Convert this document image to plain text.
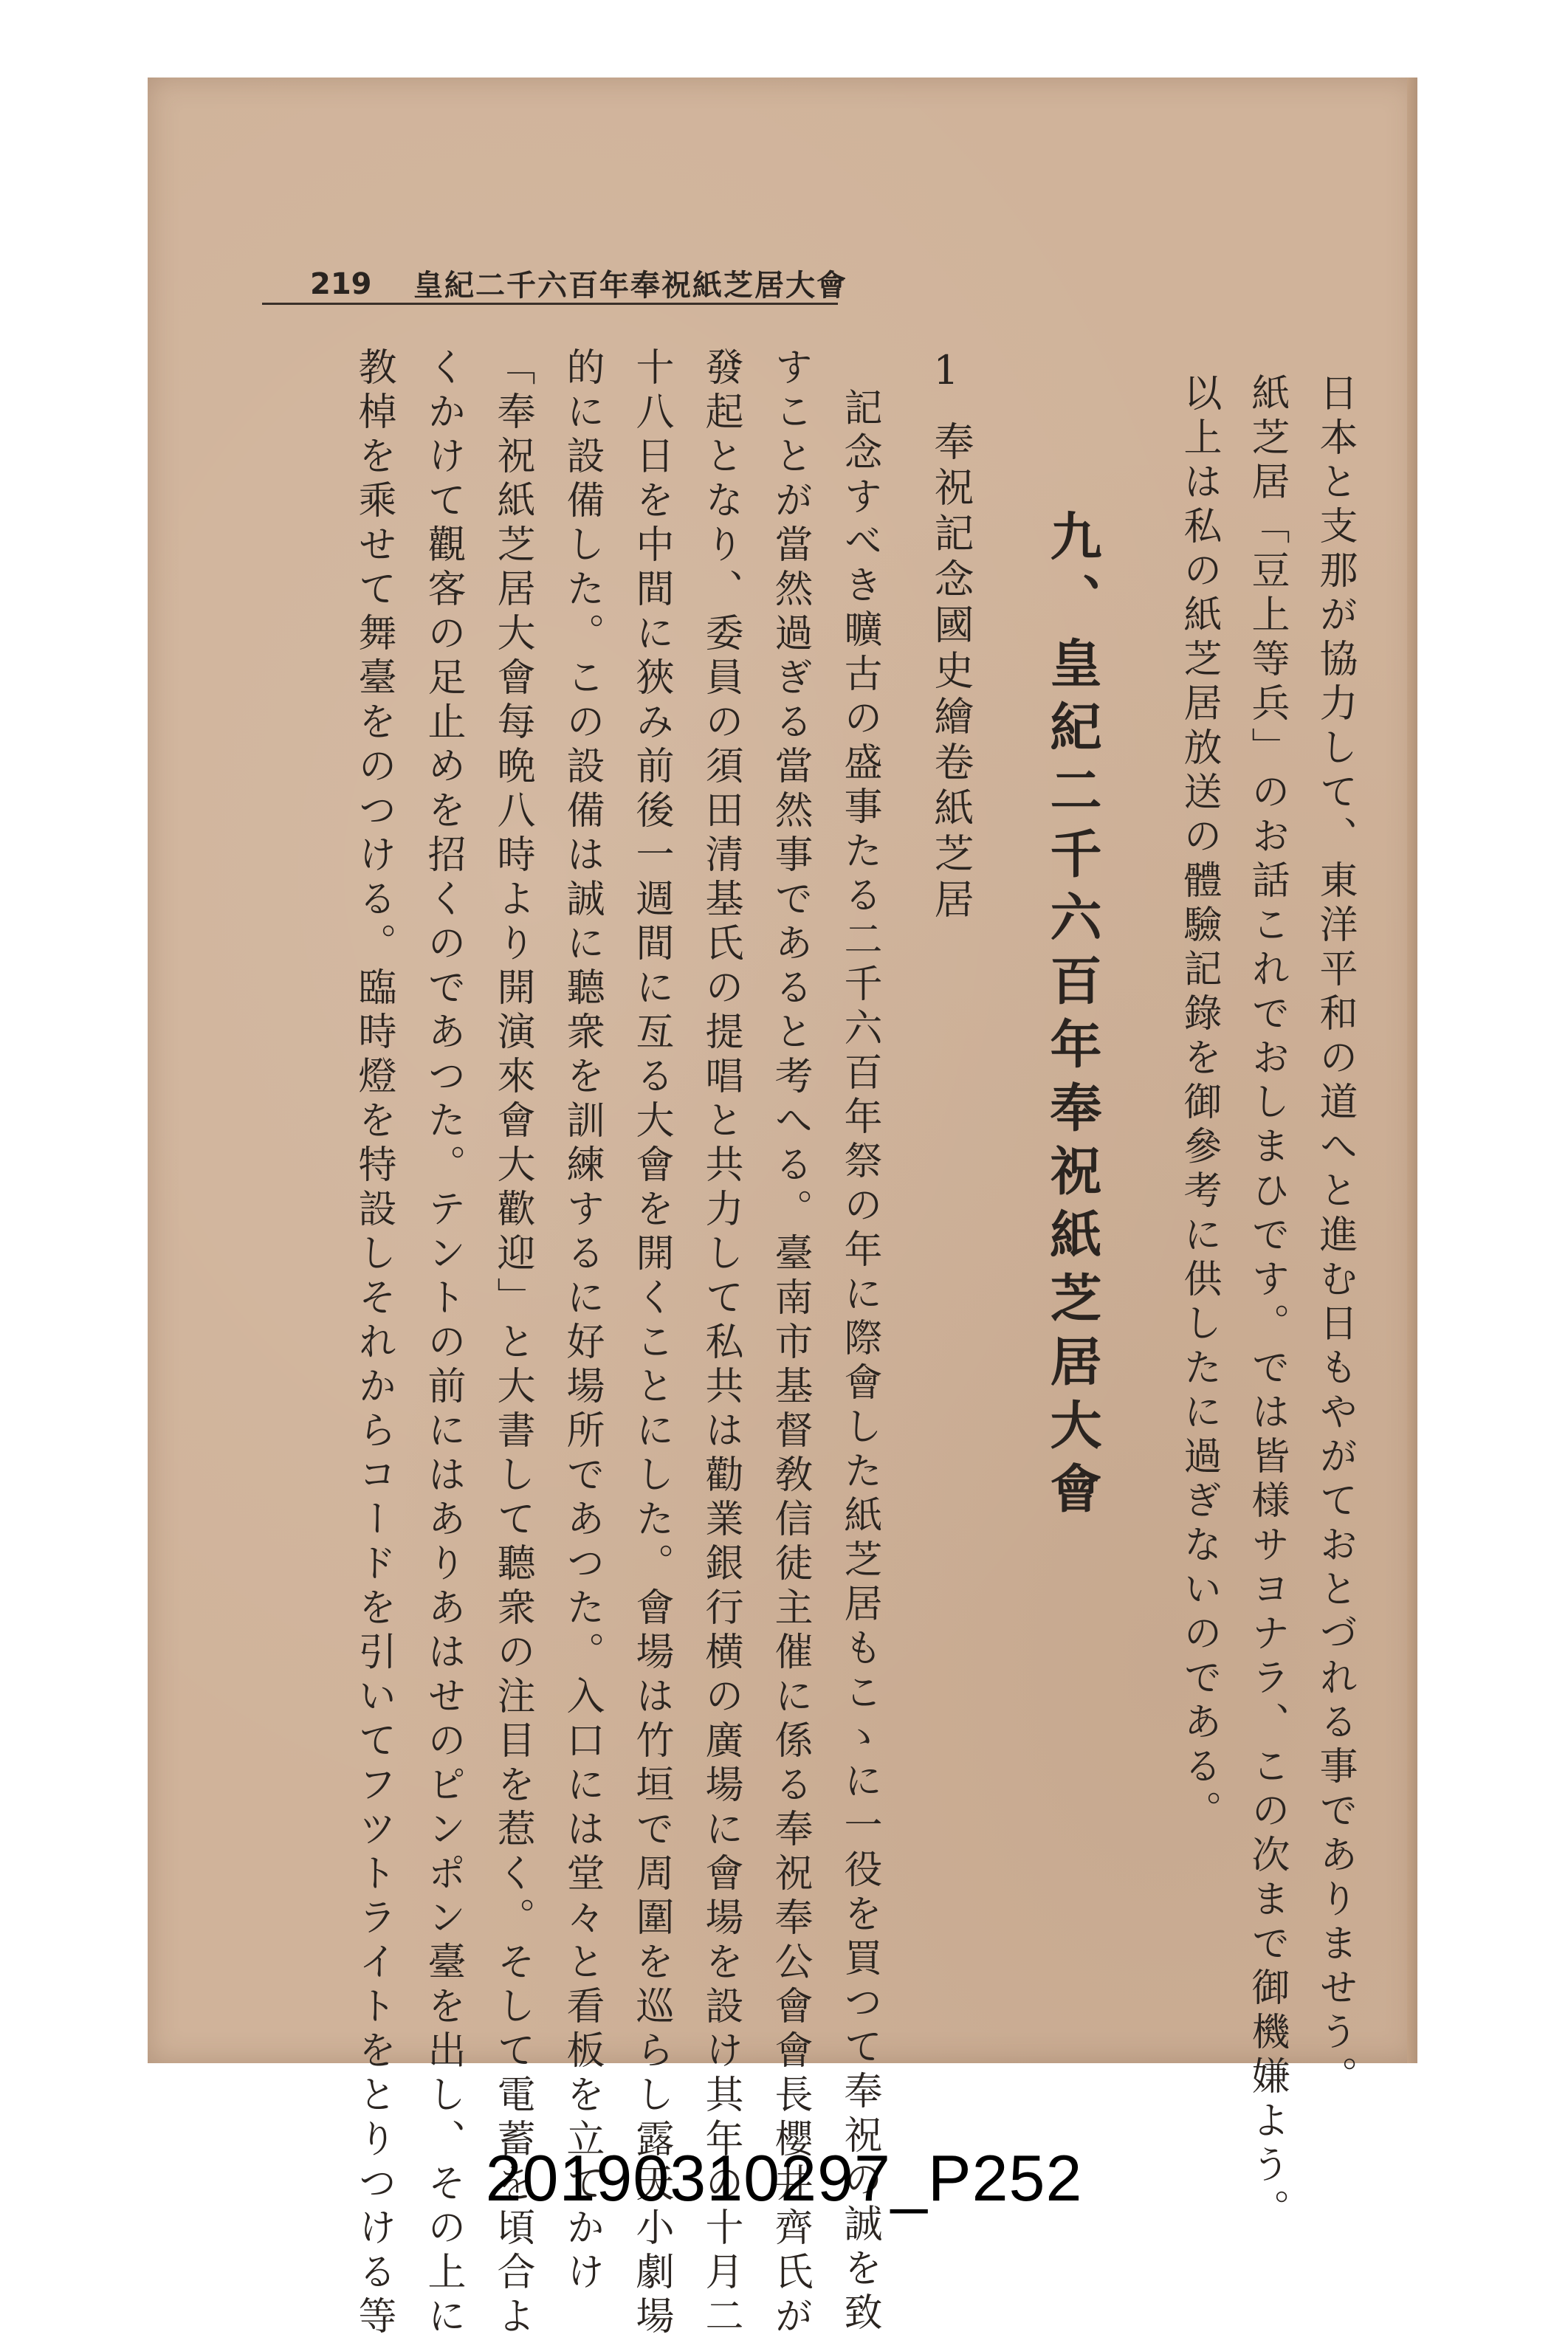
219 皇紀二千六百年奉祝紙芝居大會
日本と支那が協力して、東洋平和の道へと進む日もやがておとづれる事でありませう。
紙芝居「豆上等兵」のお話これでおしまひです。では皆様サヨナラ、この次まで御機嫌よう。
以上は私の紙芝居放送の體驗記錄を御參考に供したに過ぎないのである。
九、皇紀二千六百年奉祝紙芝居大會
1
奉祝記念國史繪卷紙芝居
記念すべき曠古の盛事たる二千六百年祭の年に際會した紙芝居もこゝに一役を買つて奉祝の誠を致
すことが當然過ぎる當然事であると考へる。臺南市基督敎信徒主催に係る奉祝奉公會會長櫻井齊氏が
發起となり、委員の須田清基氏の提唱と共力して私共は勸業銀行横の廣場に會場を設け其年の十月二
十八日を中間に狹み前後一週間に亙る大會を開くことにした。會場は竹垣で周圍を巡らし露天小劇場
的に設備した。この設備は誠に聽衆を訓練するに好場所であつた。入口には堂々と看板を立てかけ
「奉祝紙芝居大會每晩八時より開演來會大歡迎」と大書して聽衆の注目を惹く。そして電蓄を頃合よ
くかけて觀客の足止めを招くのであつた。テントの前にはありあはせのピンポン臺を出し、その上に
教棹を乘せて舞臺をのつける。臨時燈を特設しそれからコードを引いてフツトライトをとりつける等	20190310297_P252
